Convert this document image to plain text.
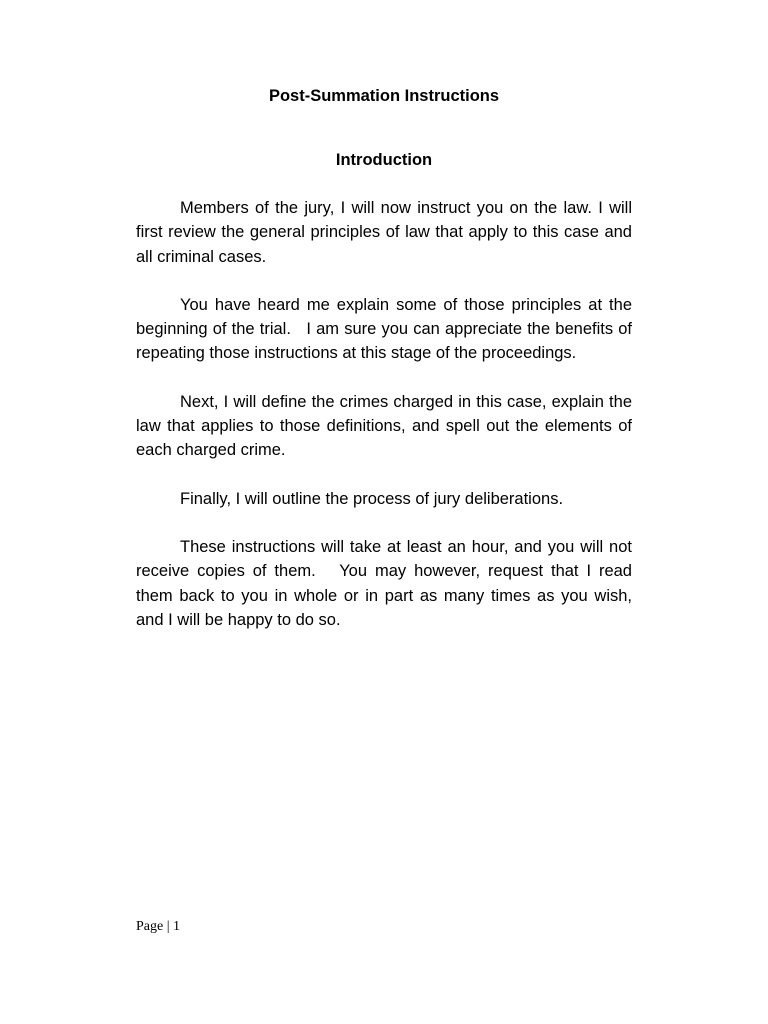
Post-Summation Instructions
Introduction

Members of the jury, I will now instruct you on the law. I will first review the general principles of law that apply to this case and all criminal cases.

You have heard me explain some of those principles at the beginning of the trial.   I am sure you can appreciate the benefits of repeating those instructions at this stage of the proceedings.

Next, I will define the crimes charged in this case, explain the law that applies to those definitions, and spell out the elements of each charged crime.

Finally, I will outline the process of jury deliberations.

These instructions will take at least an hour, and you will not receive copies of them.   You may however, request that I read them back to you in whole or in part as many times as you wish, and I will be happy to do so.

Page | 1
